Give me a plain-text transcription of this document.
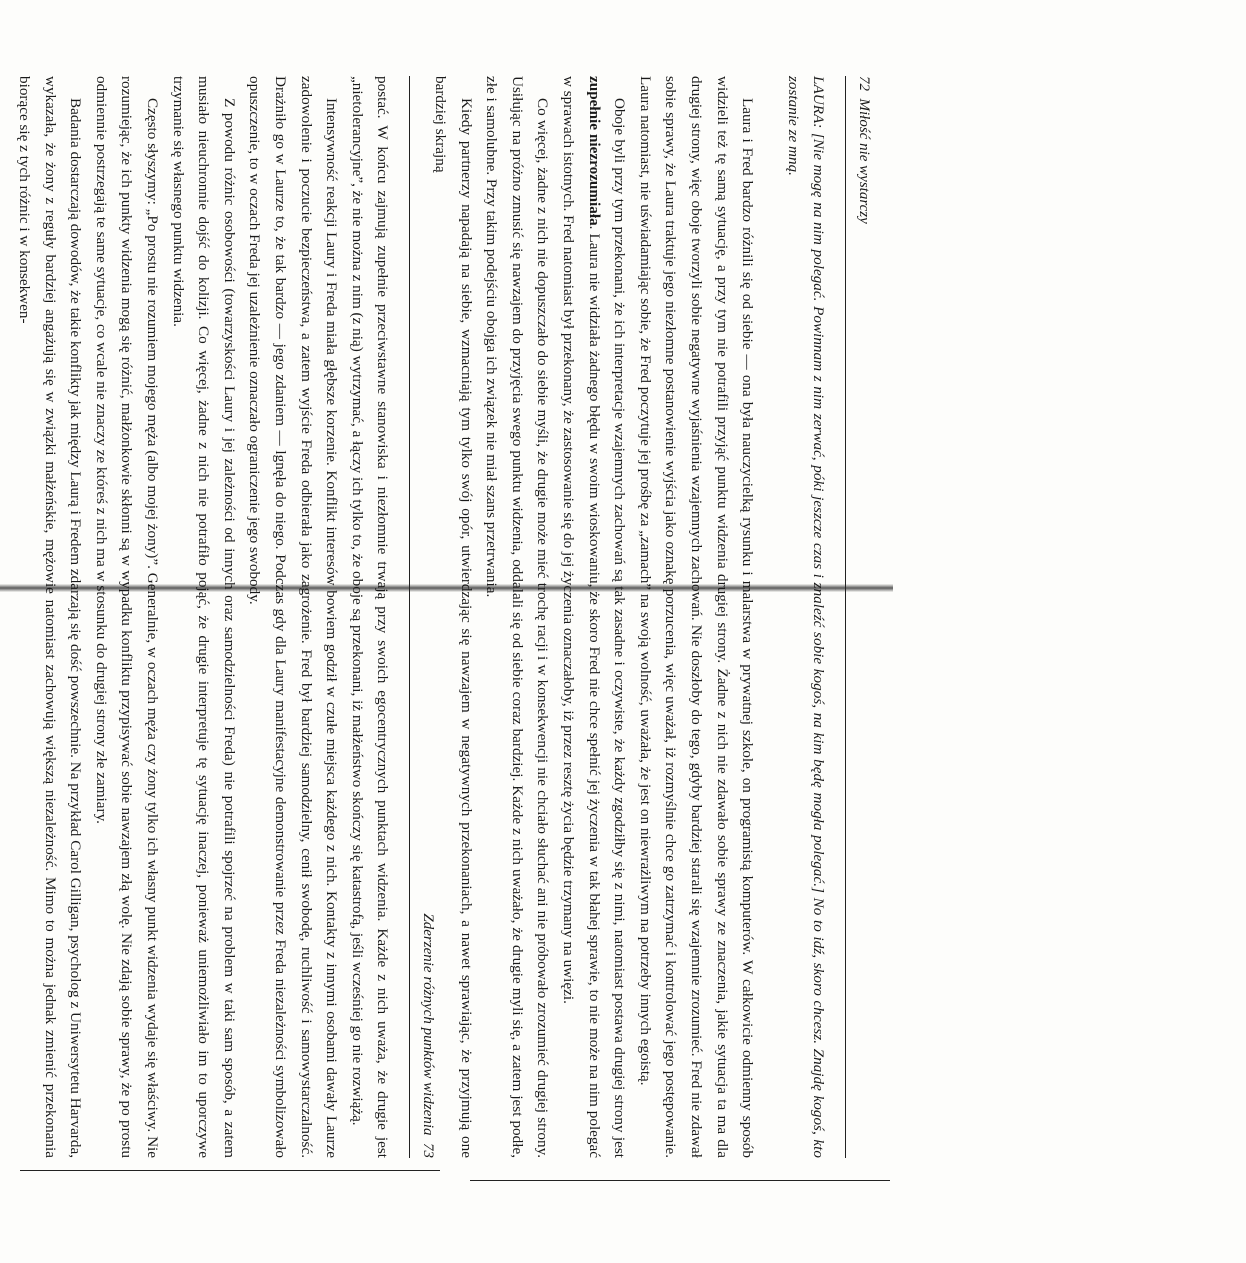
72  Miłość nie wystarczy

LAURA: [Nie mogę na nim polegać. Powinnam z nim zerwać, póki jeszcze czas i znaleźć sobie kogoś, na kim będę mogła polegać.] No to idź, skoro chcesz. Znajdę kogoś, kto zostanie ze mną.

Laura i Fred bardzo różnili się od siebie — ona była nauczycielką rysunku i malarstwa w prywatnej szkole, on programistą komputerów. W całkowicie odmienny sposób widzieli też tę samą sytuację, a przy tym nie potrafili przyjąć punktu widzenia drugiej strony. Żadne z nich nie zdawało sobie sprawy ze znaczenia, jakie sytuacja ta ma dla drugiej strony, więc oboje tworzyli sobie negatywne wyjaśnienia wzajemnych zachowań. Nie doszłoby do tego, gdyby bardziej starali się wzajemnie zrozumieć. Fred nie zdawał sobie sprawy, że Laura traktuje jego niezłomne postanowienie wyjścia jako oznakę porzucenia, więc uważał, iż rozmyślnie chce go zatrzymać i kontrolować jego postępowanie. Laura natomiast, nie uświadamiając sobie, że Fred poczytuje jej prośbę za „zamach” na swoją wolność, uważała, że jest on niewrażliwym na potrzeby innych egoistą.

Oboje byli przy tym przekonani, że ich interpretacje wzajemnych zachowań są tak zasadne i oczywiste, że każdy zgodziłby się z nimi, natomiast postawa drugiej strony jest zupełnie niezrozumiała. Laura nie widziała żadnego błędu w swoim wioskowaniu, że skoro Fred nie chce spełnić jej życzenia w tak błahej sprawie, to nie może na nim polegać w sprawach istotnych. Fred natomiast był przekonany, że zastosowanie się do jej życzenia oznaczałoby, iż przez resztę życia będzie trzymany na uwięzi.

Co więcej, żadne z nich nie dopuszczało do siebie myśli, że drugie może mieć trochę racji i w konsekwencji nie chciało słuchać ani nie próbowało zrozumieć drugiej strony. Usiłując na próżno zmusić się nawzajem do przyjęcia swego punktu widzenia, oddalali się od siebie coraz bardziej. Każde z nich uważało, że drugie myli się, a zatem jest podłe, złe i samolubne. Przy takim podejściu obojga ich związek nie miał szans przetrwania.

Kiedy partnerzy napadają na siebie, wzmacniają tym tylko swój opór, utwierdzając się nawzajem w negatywnych przekonaniach, a nawet sprawiając, że przyjmują one bardziej skrajną

Zderzenie różnych punktów widzenia  73

postać. W końcu zajmują zupełnie przeciwstawne stanowiska i niezłomnie trwają przy swoich egocentrycznych punktach widzenia. Każde z nich uważa, że drugie jest „nietolerancyjne”, że nie można z nim (z nią) wytrzymać, a łączy ich tylko to, że oboje są przekonani, iż małżeństwo skończy się katastrofą, jeśli wcześniej go nie rozwiążą.

Intensywność reakcji Laury i Freda miała głębsze korzenie. Konflikt interesów bowiem godził w czułe miejsca każdego z nich. Kontakty z innymi osobami dawały Laurze zadowolenie i poczucie bezpieczeństwa, a zatem wyjście Freda odbierała jako zagrożenie. Fred był bardziej samodzielny, cenił swobodę, ruchliwość i samowystarczalność. Drażniło go w Laurze to, że tak bardzo — jego zdaniem — lgnęła do niego. Podczas gdy dla Laury manifestacyjne demonstrowanie przez Freda niezależności symbolizowało opuszczenie, to w oczach Freda jej uzależnienie oznaczało ograniczenie jego swobody.

Z powodu różnic osobowości (towarzyskości Laury i jej zależności od innych oraz samodzielności Freda) nie potrafili spojrzeć na problem w taki sam sposób, a zatem musiało nieuchronnie dojść do kolizji. Co więcej, żadne z nich nie potrafiło pojąć, że drugie interpretuje tę sytuację inaczej, ponieważ uniemożliwiało im to uporczywe trzymanie się własnego punktu widzenia.

Często słyszymy: „Po prostu nie rozumiem mojego męża (albo mojej żony)”. Generalnie, w oczach męża czy żony tylko ich własny punkt widzenia wydaje się właściwy. Nie rozumiejąc, że ich punkty widzenia mogą się różnić, małżonkowie skłonni są w wypadku konfliktu przypisywać sobie nawzajem złą wolę. Nie zdają sobie sprawy, że po prostu odmiennie postrzegają te same sytuacje, co wcale nie znaczy ze któreś z nich ma w stosunku do drugiej strony złe zamiary.

Badania dostarczają dowodów, że takie konflikty jak między Laurą i Fredem zdarzają się dość powszechnie. Na przykład Carol Gilligan, psycholog z Uniwersytetu Harvarda, wykazała, że żony z reguły bardziej angażują się w związki małżeńskie, mężowie natomiast zachowują większą niezależność. Mimo to można jednak zmienić przekonania biorące się z tych różnic i w konsekwen-
